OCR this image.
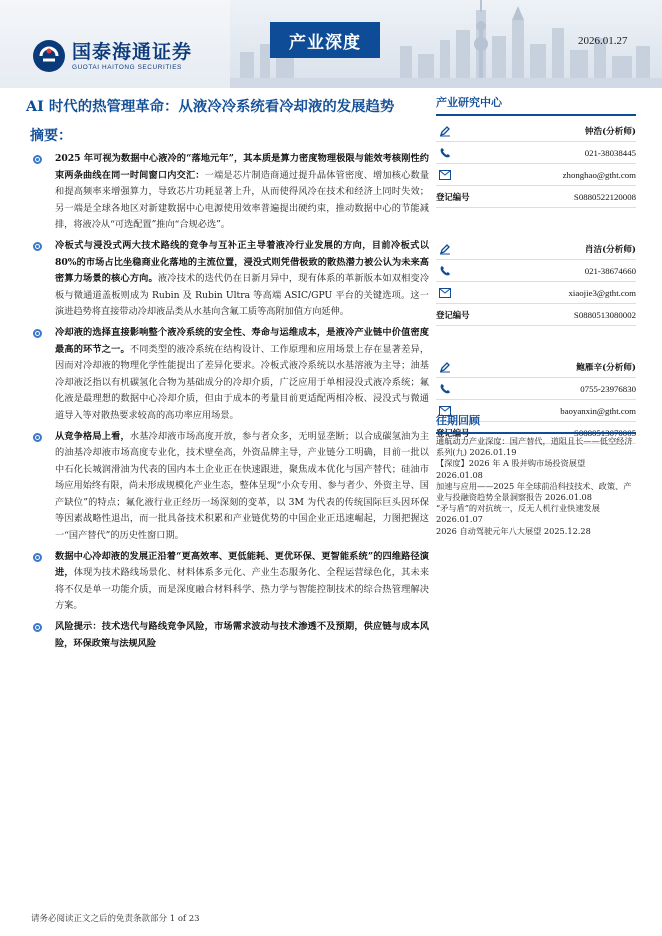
国泰海通证券
GUOTAI HAITONG SECURITIES
产业深度	2026.01.27
AI 时代的热管理革命：从液冷冷系统看冷却液的发展趋势
摘要：
2025 年可视为数据中心液冷的“落地元年”，其本质是算力密度物理极限与能效考核刚性约束两条曲线在同一时间窗口内交汇：一端是芯片制造商通过提升晶体管密度、增加核心数量和提高频率来增强算力，导致芯片功耗显著上升，从而使得风冷在技术和经济上同时失效；另一端是全球各地区对新建数据中心电源使用效率普遍提出硬约束，推动数据中心的节能减排，将液冷从“可选配置”推向“合规必选”。
冷板式与浸没式两大技术路线的竞争与互补正主导着液冷行业发展的方向，目前冷板式以 80%的市场占比坐稳商业化落地的主流位置，浸没式则凭借极致的散热潜力被公认为未来高密算力场景的核心方向。液冷技术的迭代仍在日新月异中，现有体系的革新版本如双相变冷板与微通道盖板则成为 Rubin 及 Rubin Ultra 等高端 ASIC/GPU 平台的关键选项。这一演进趋势将直接带动冷却液品类从水基向含氟工质等高附加值方向延伸。
冷却液的选择直接影响整个液冷系统的安全性、寿命与运维成本，是液冷产业链中价值密度最高的环节之一。不同类型的液冷系统在结构设计、工作原理和应用场景上存在显著差异，因而对冷却液的物理化学性能提出了差异化要求。冷板式液冷系统以水基溶液为主导；油基冷却液泛指以有机碳氢化合物为基础成分的冷却介质，广泛应用于单相浸没式液冷系统；氟化液是最理想的数据中心冷却介质，但由于成本的考量目前更适配两相冷板、浸没式与微通道导入等对散热要求较高的高功率应用场景。
从竞争格局上看，水基冷却液市场高度开放，参与者众多，无明显垄断；以合成碳氢油为主的油基冷却液市场高度专业化，技术壁垒高，外资品牌主导，产业链分工明确，目前一批以中石化长城润滑油为代表的国内本土企业正在快速跟进，聚焦成本优化与国产替代；硅油市场应用始终有限，尚未形成规模化产业生态，整体呈现“小众专用、参与者少、外资主导、国产缺位”的特点；氟化液行业正经历一场深刻的变革，以 3M 为代表的传统国际巨头因环保等因素战略性退出，而一批具备技术积累和产业链优势的中国企业正迅速崛起，力图把握这一“国产替代”的历史性窗口期。
数据中心冷却液的发展正沿着“更高效率、更低能耗、更优环保、更智能系统”的四维路径演进，体现为技术路线场景化、材料体系多元化、产业生态服务化、全程运营绿色化，其未来将不仅是单一功能介质，而是深度融合材料科学、热力学与智能控制技术的综合热管理解决方案。
风险提示：技术迭代与路线竞争风险，市场需求波动与技术渗透不及预期，供应链与成本风险，环保政策与法规风险
产业研究中心
钟浩(分析师)
021-38038445
zhonghao@gtht.com
登记编号	S0880522120008
肖洁(分析师)
021-38674660
xiaojie3@gtht.com
登记编号	S0880513080002
鲍雁辛(分析师)
0755-23976830
baoyanxin@gtht.com
往期回顾
通航动力产业深度：国产替代，道阻且长——低空经济系列(九) 2026.01.19
【深度】2026 年 A 股并购市场投资展望
2026.01.08
加速与应用——2025 年全球前沿科技技术、政策、产业与投融资趋势全景洞察报告 2026.01.08
“矛与盾”的对抗统一，反无人机行业快速发展
2026.01.07
2026 自动驾驶元年八大展望 2025.12.28
请务必阅读正文之后的免责条款部分 1 of 23
